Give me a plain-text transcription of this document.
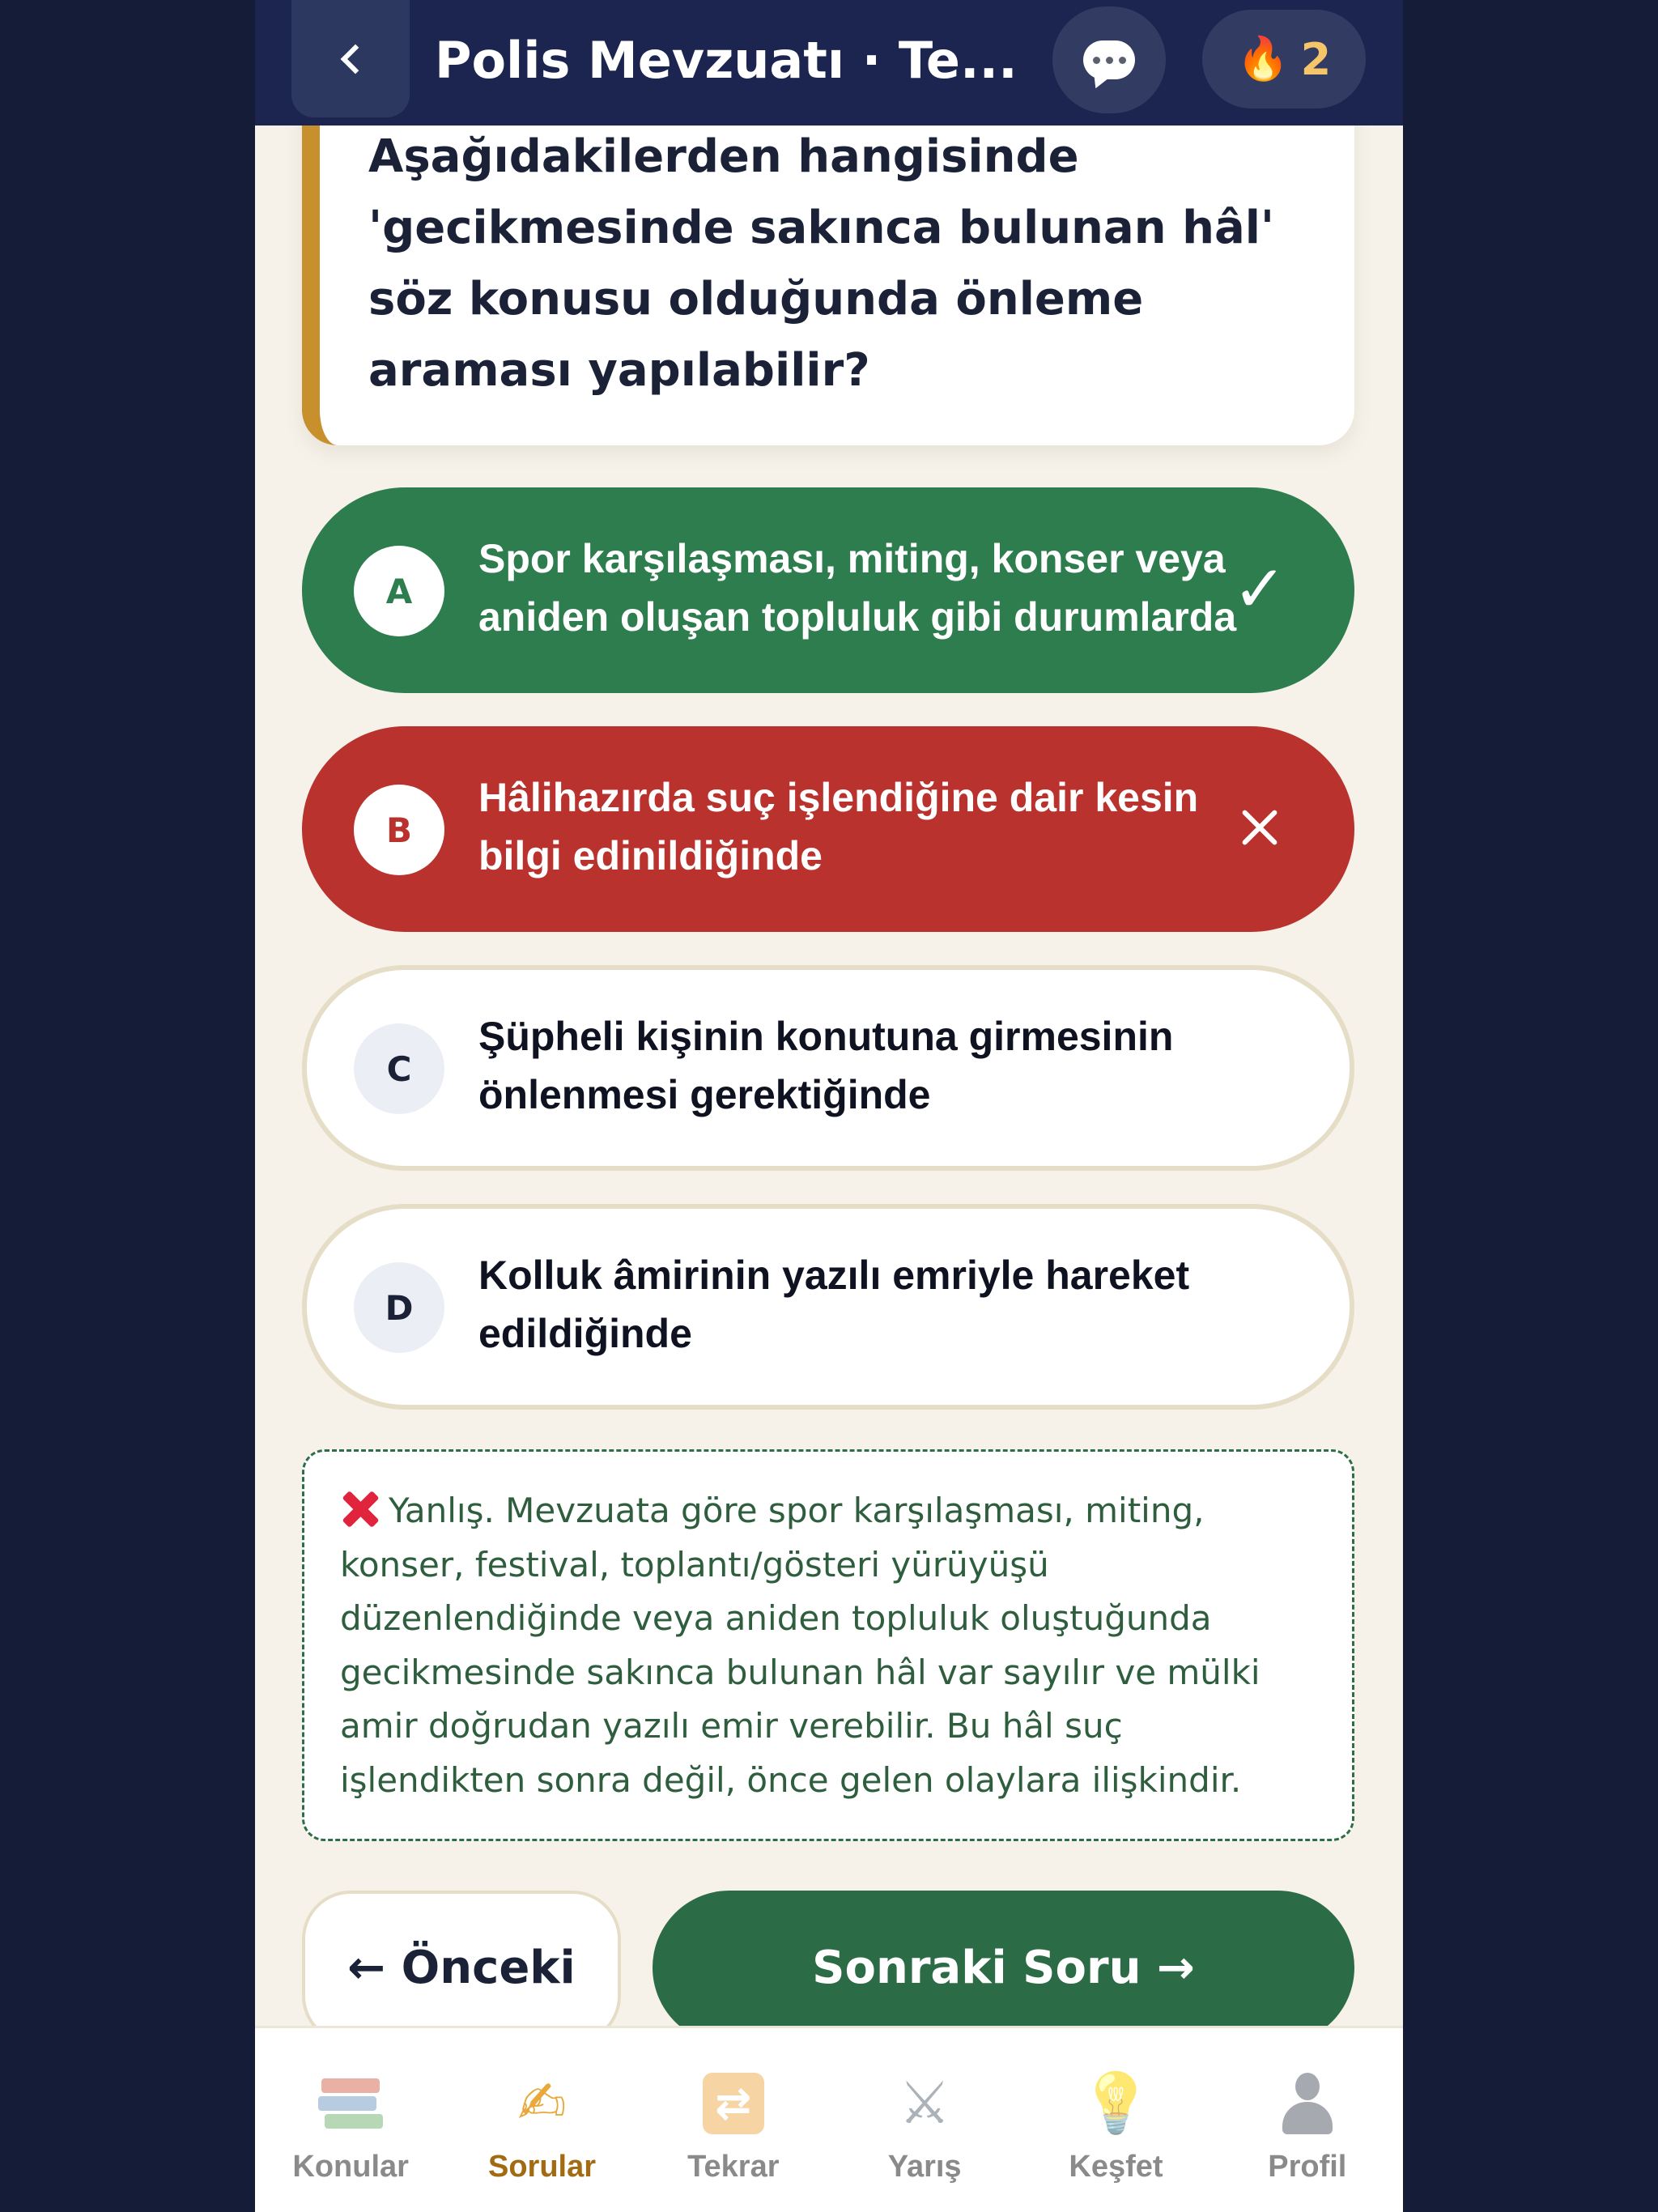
Polis Mevzuatı · Te...	🔥 2
Aşağıdakilerden hangisinde 'gecikmesinde sakınca bulunan hâl' söz konusu olduğunda önleme araması yapılabilir?
A
Spor karşılaşması, miting, konser veya aniden oluşan topluluk gibi durumlarda
✓
B
Hâlihazırda suç işlendiğine dair kesin bilgi edinildiğinde
C
Şüpheli kişinin konutuna girmesinin önlenmesi gerektiğinde
D
Kolluk âmirinin yazılı emriyle hareket edildiğinde
Yanlış. Mevzuata göre spor karşılaşması, miting, konser, festival, toplantı/gösteri yürüyüşü düzenlendiğinde veya aniden topluluk oluştuğunda gecikmesinde sakınca bulunan hâl var sayılır ve mülki amir doğrudan yazılı emir verebilir. Bu hâl suç işlendikten sonra değil, önce gelen olaylara ilişkindir.
← Önceki	Sonraki Soru →
Konular
✍
Sorular
⇄
Tekrar
⚔
Yarış
💡
Keşfet	Profil
